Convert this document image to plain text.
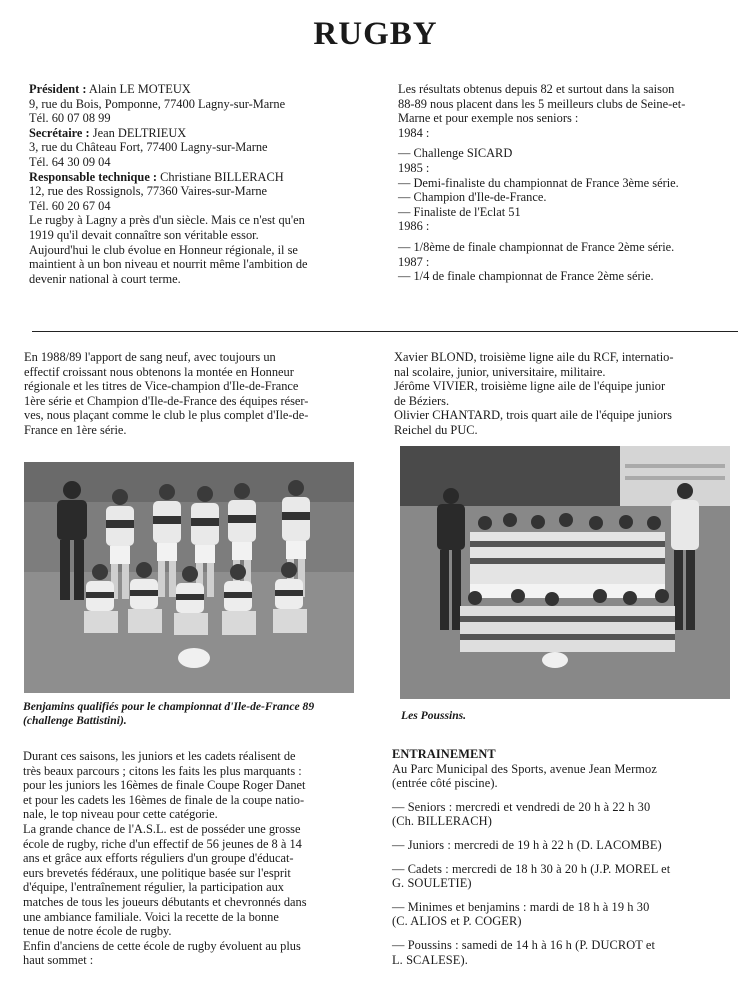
RUGBY
Président : Alain LE MOTEUX
9, rue du Bois, Pomponne, 77400 Lagny-sur-Marne
Tél. 60 07 08 99
Secrétaire : Jean DELTRIEUX
3, rue du Château Fort, 77400 Lagny-sur-Marne
Tél. 64 30 09 04
Responsable technique : Christiane BILLERACH
12, rue des Rossignols, 77360 Vaires-sur-Marne
Tél. 60 20 67 04
Le rugby à Lagny a près d'un siècle. Mais ce n'est qu'en
1919 qu'il devait connaître son véritable essor.
Aujourd'hui le club évolue en Honneur régionale, il se
maintient à un bon niveau et nourrit même l'ambition de
devenir national à court terme.
Les résultats obtenus depuis 82 et surtout dans la saison
88-89 nous placent dans les 5 meilleurs clubs de Seine-et-
Marne et pour exemple nos seniors :
1984 :
— Challenge SICARD
1985 :
— Demi-finaliste du championnat de France 3ème série.
— Champion d'Ile-de-France.
— Finaliste de l'Eclat 51
1986 :
— 1/8ème de finale championnat de France 2ème série.
1987 :
— 1/4 de finale championnat de France 2ème série.
En 1988/89 l'apport de sang neuf, avec toujours un
effectif croissant nous obtenons la montée en Honneur
régionale et les titres de Vice-champion d'Ile-de-France
1ère série et Champion d'Ile-de-France des équipes réser-
ves, nous plaçant comme le club le plus complet d'Ile-de-
France en 1ère série.
Xavier BLOND, troisième ligne aile du RCF, internatio-
nal scolaire, junior, universitaire, militaire.
Jérôme VIVIER, troisième ligne aile de l'équipe junior
de Béziers.
Olivier CHANTARD, trois quart aile de l'équipe juniors
Reichel du PUC.
Benjamins qualifiés pour le championnat d'Ile-de-France 89
(challenge Battistini).	Les Poussins.
Durant ces saisons, les juniors et les cadets réalisent de
très beaux parcours ; citons les faits les plus marquants :
pour les juniors les 16èmes de finale Coupe Roger Danet
et pour les cadets les 16èmes de finale de la coupe natio-
nale, le top niveau pour cette catégorie.
La grande chance de l'A.S.L. est de posséder une grosse
école de rugby, riche d'un effectif de 56 jeunes de 8 à 14
ans et grâce aux efforts réguliers d'un groupe d'éducat-
eurs brevetés fédéraux, une politique basée sur l'esprit
d'équipe, l'entraînement régulier, la participation aux
matches de tous les joueurs débutants et chevronnés dans
une ambiance familiale. Voici la recette de la bonne
tenue de notre école de rugby.
Enfin d'anciens de cette école de rugby évoluent au plus
haut sommet :
ENTRAINEMENT
Au Parc Municipal des Sports, avenue Jean Mermoz
(entrée côté piscine).
— Seniors : mercredi et vendredi de 20 h à 22 h 30
(Ch. BILLERACH)
— Juniors : mercredi de 19 h à 22 h (D. LACOMBE)
— Cadets : mercredi de 18 h 30 à 20 h (J.P. MOREL et
G. SOULETIE)
— Minimes et benjamins : mardi de 18 h à 19 h 30
(C. ALIOS et P. COGER)
— Poussins : samedi de 14 h à 16 h (P. DUCROT et
L. SCALESE).
